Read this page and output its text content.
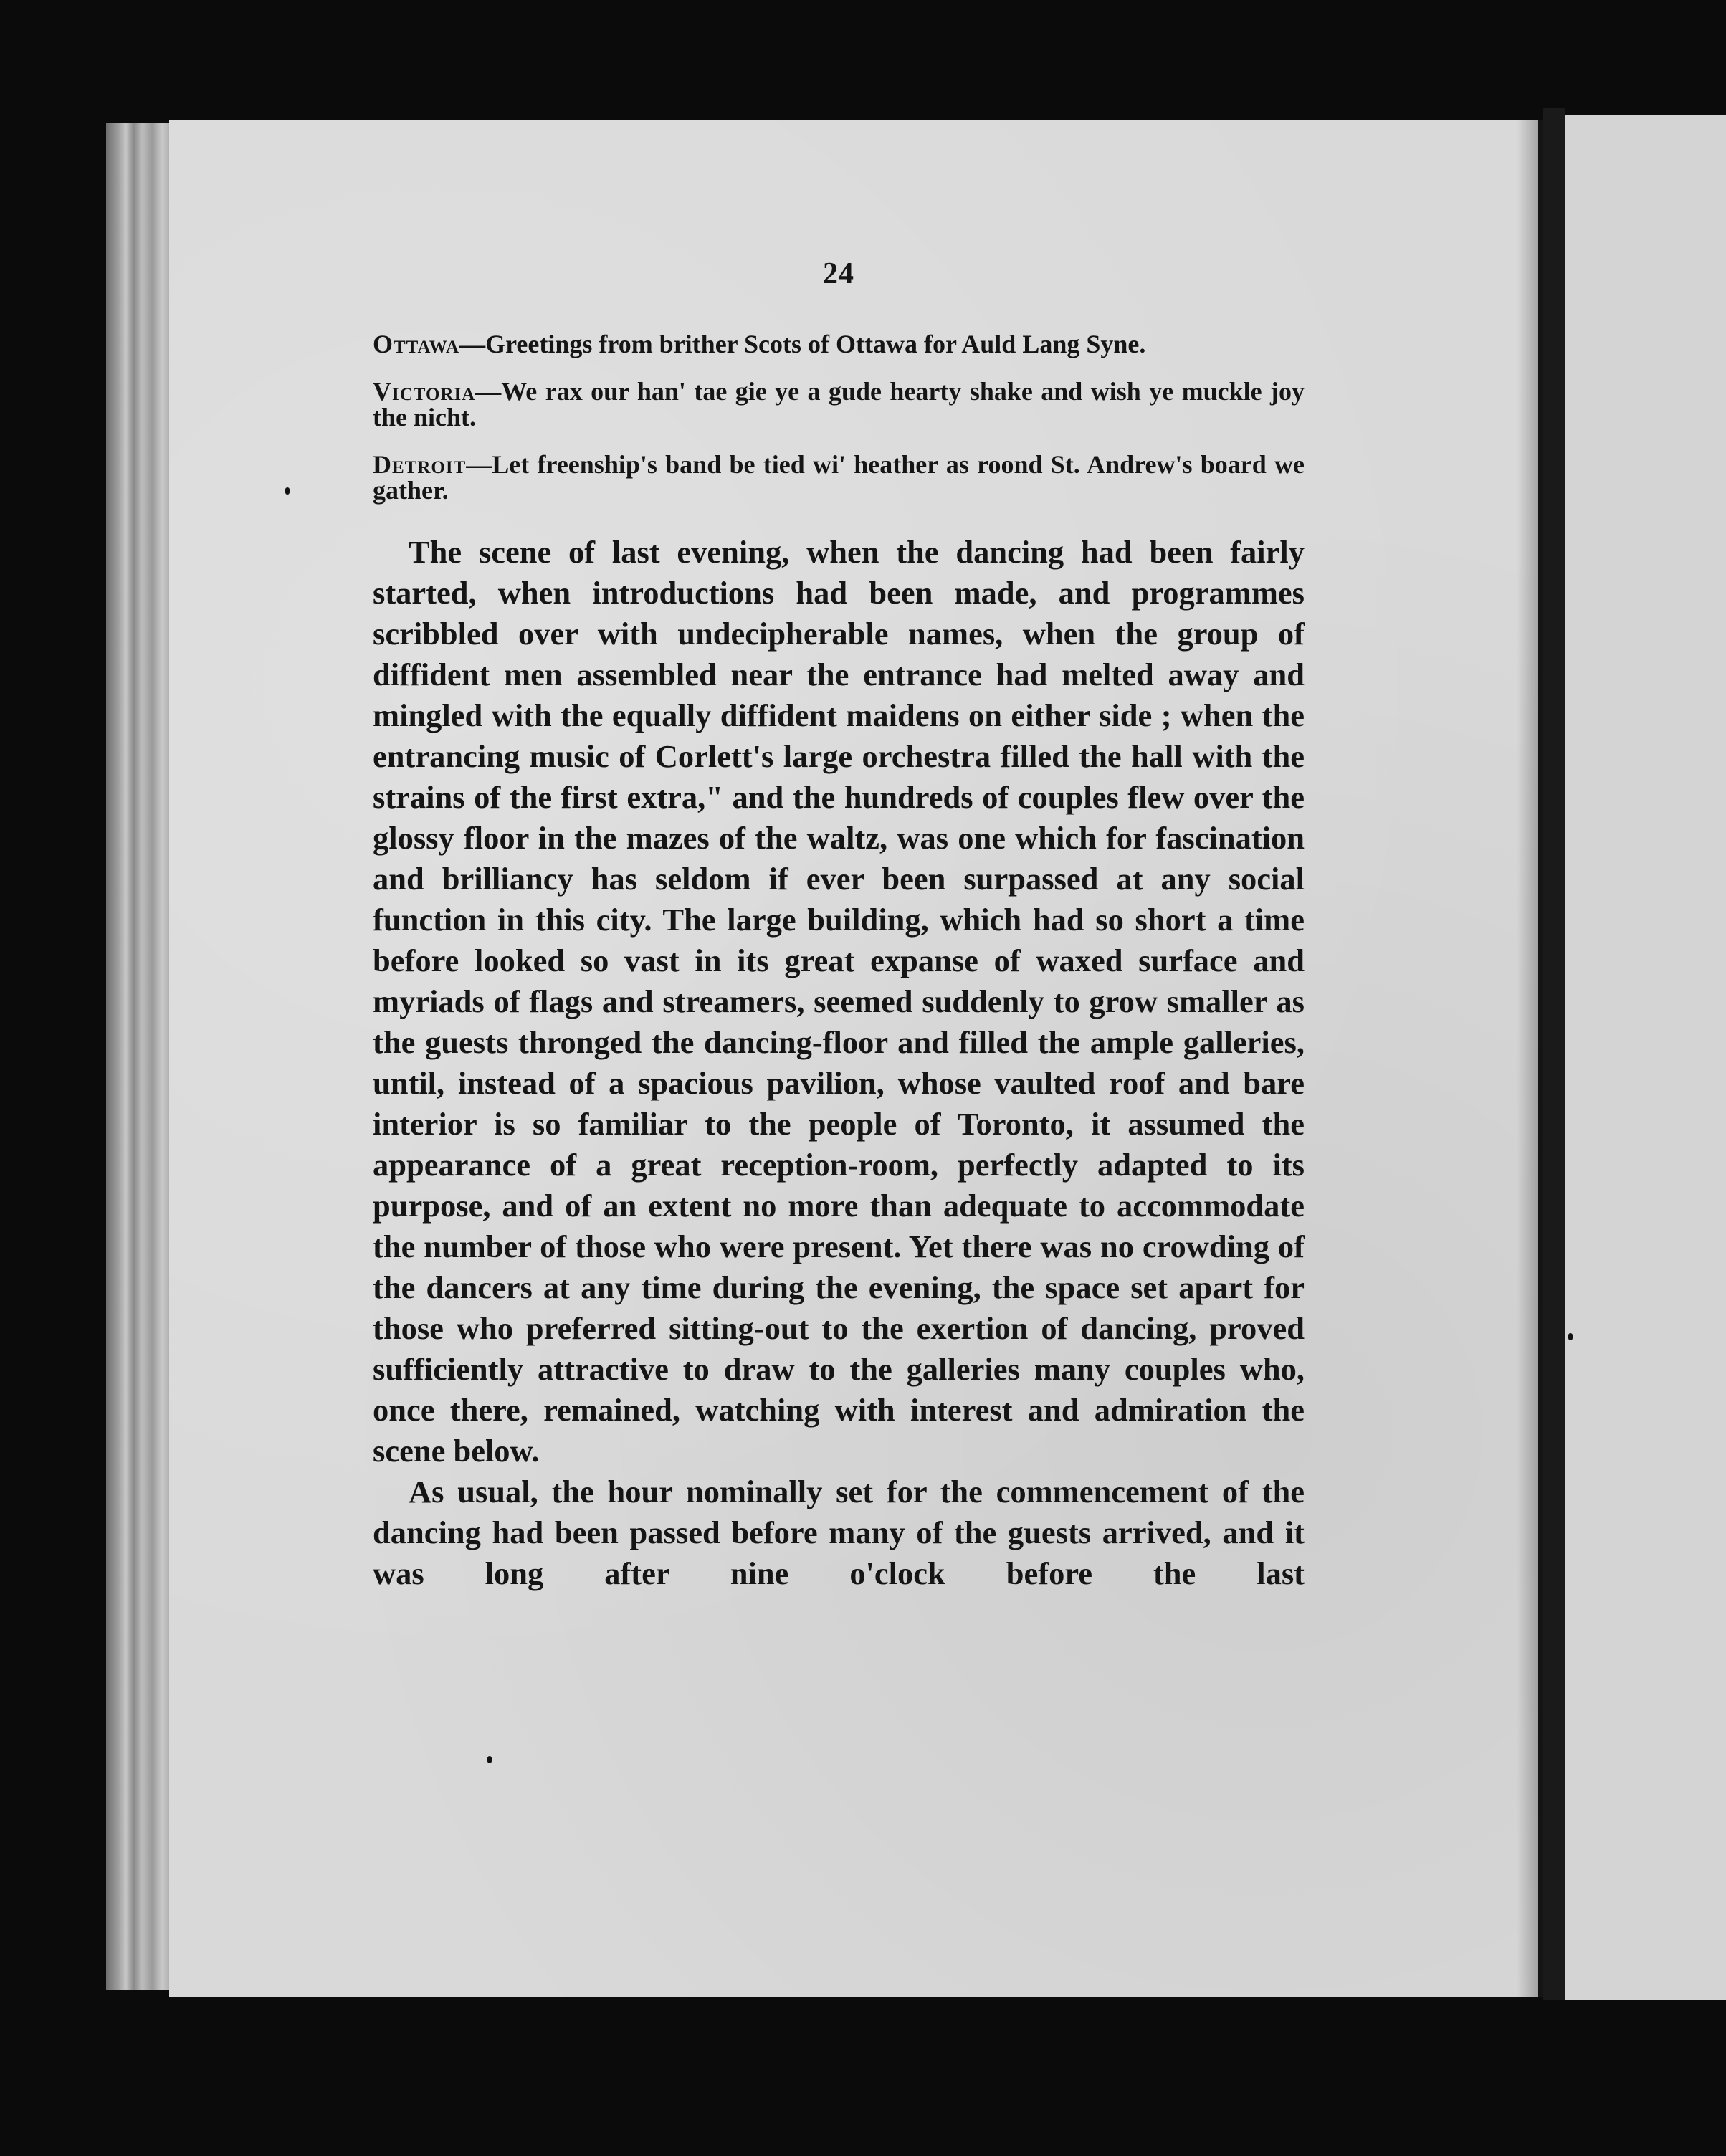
24

Ottawa—Greetings from brither Scots of Ottawa for Auld Lang Syne.

Victoria—We rax our han' tae gie ye a gude hearty shake and wish ye muckle joy the nicht.

Detroit—Let freenship's band be tied wi' heather as roond St. Andrew's board we gather.

The scene of last evening, when the dancing had been fairly started, when introductions had been made, and programmes scribbled over with undecipherable names, when the group of diffident men assembled near the entrance had melted away and mingled with the equally diffident maidens on either side ; when the entrancing music of Corlett's large orchestra filled the hall with the strains of the first extra," and the hundreds of couples flew over the glossy floor in the mazes of the waltz, was one which for fascination and brilliancy has seldom if ever been surpassed at any social function in this city. The large building, which had so short a time before looked so vast in its great expanse of waxed surface and myriads of flags and streamers, seemed suddenly to grow smaller as the guests thronged the dancing-floor and filled the ample galleries, until, instead of a spacious pavilion, whose vaulted roof and bare interior is so familiar to the people of Toronto, it assumed the appearance of a great reception-room, perfectly adapted to its purpose, and of an extent no more than adequate to accommodate the number of those who were present. Yet there was no crowding of the dancers at any time during the evening, the space set apart for those who preferred sitting-out to the exertion of dancing, proved sufficiently attractive to draw to the galleries many couples who, once there, remained, watching with interest and admiration the scene below.

As usual, the hour nominally set for the commencement of the dancing had been passed before many of the guests arrived, and it was long after nine o'clock before the last
